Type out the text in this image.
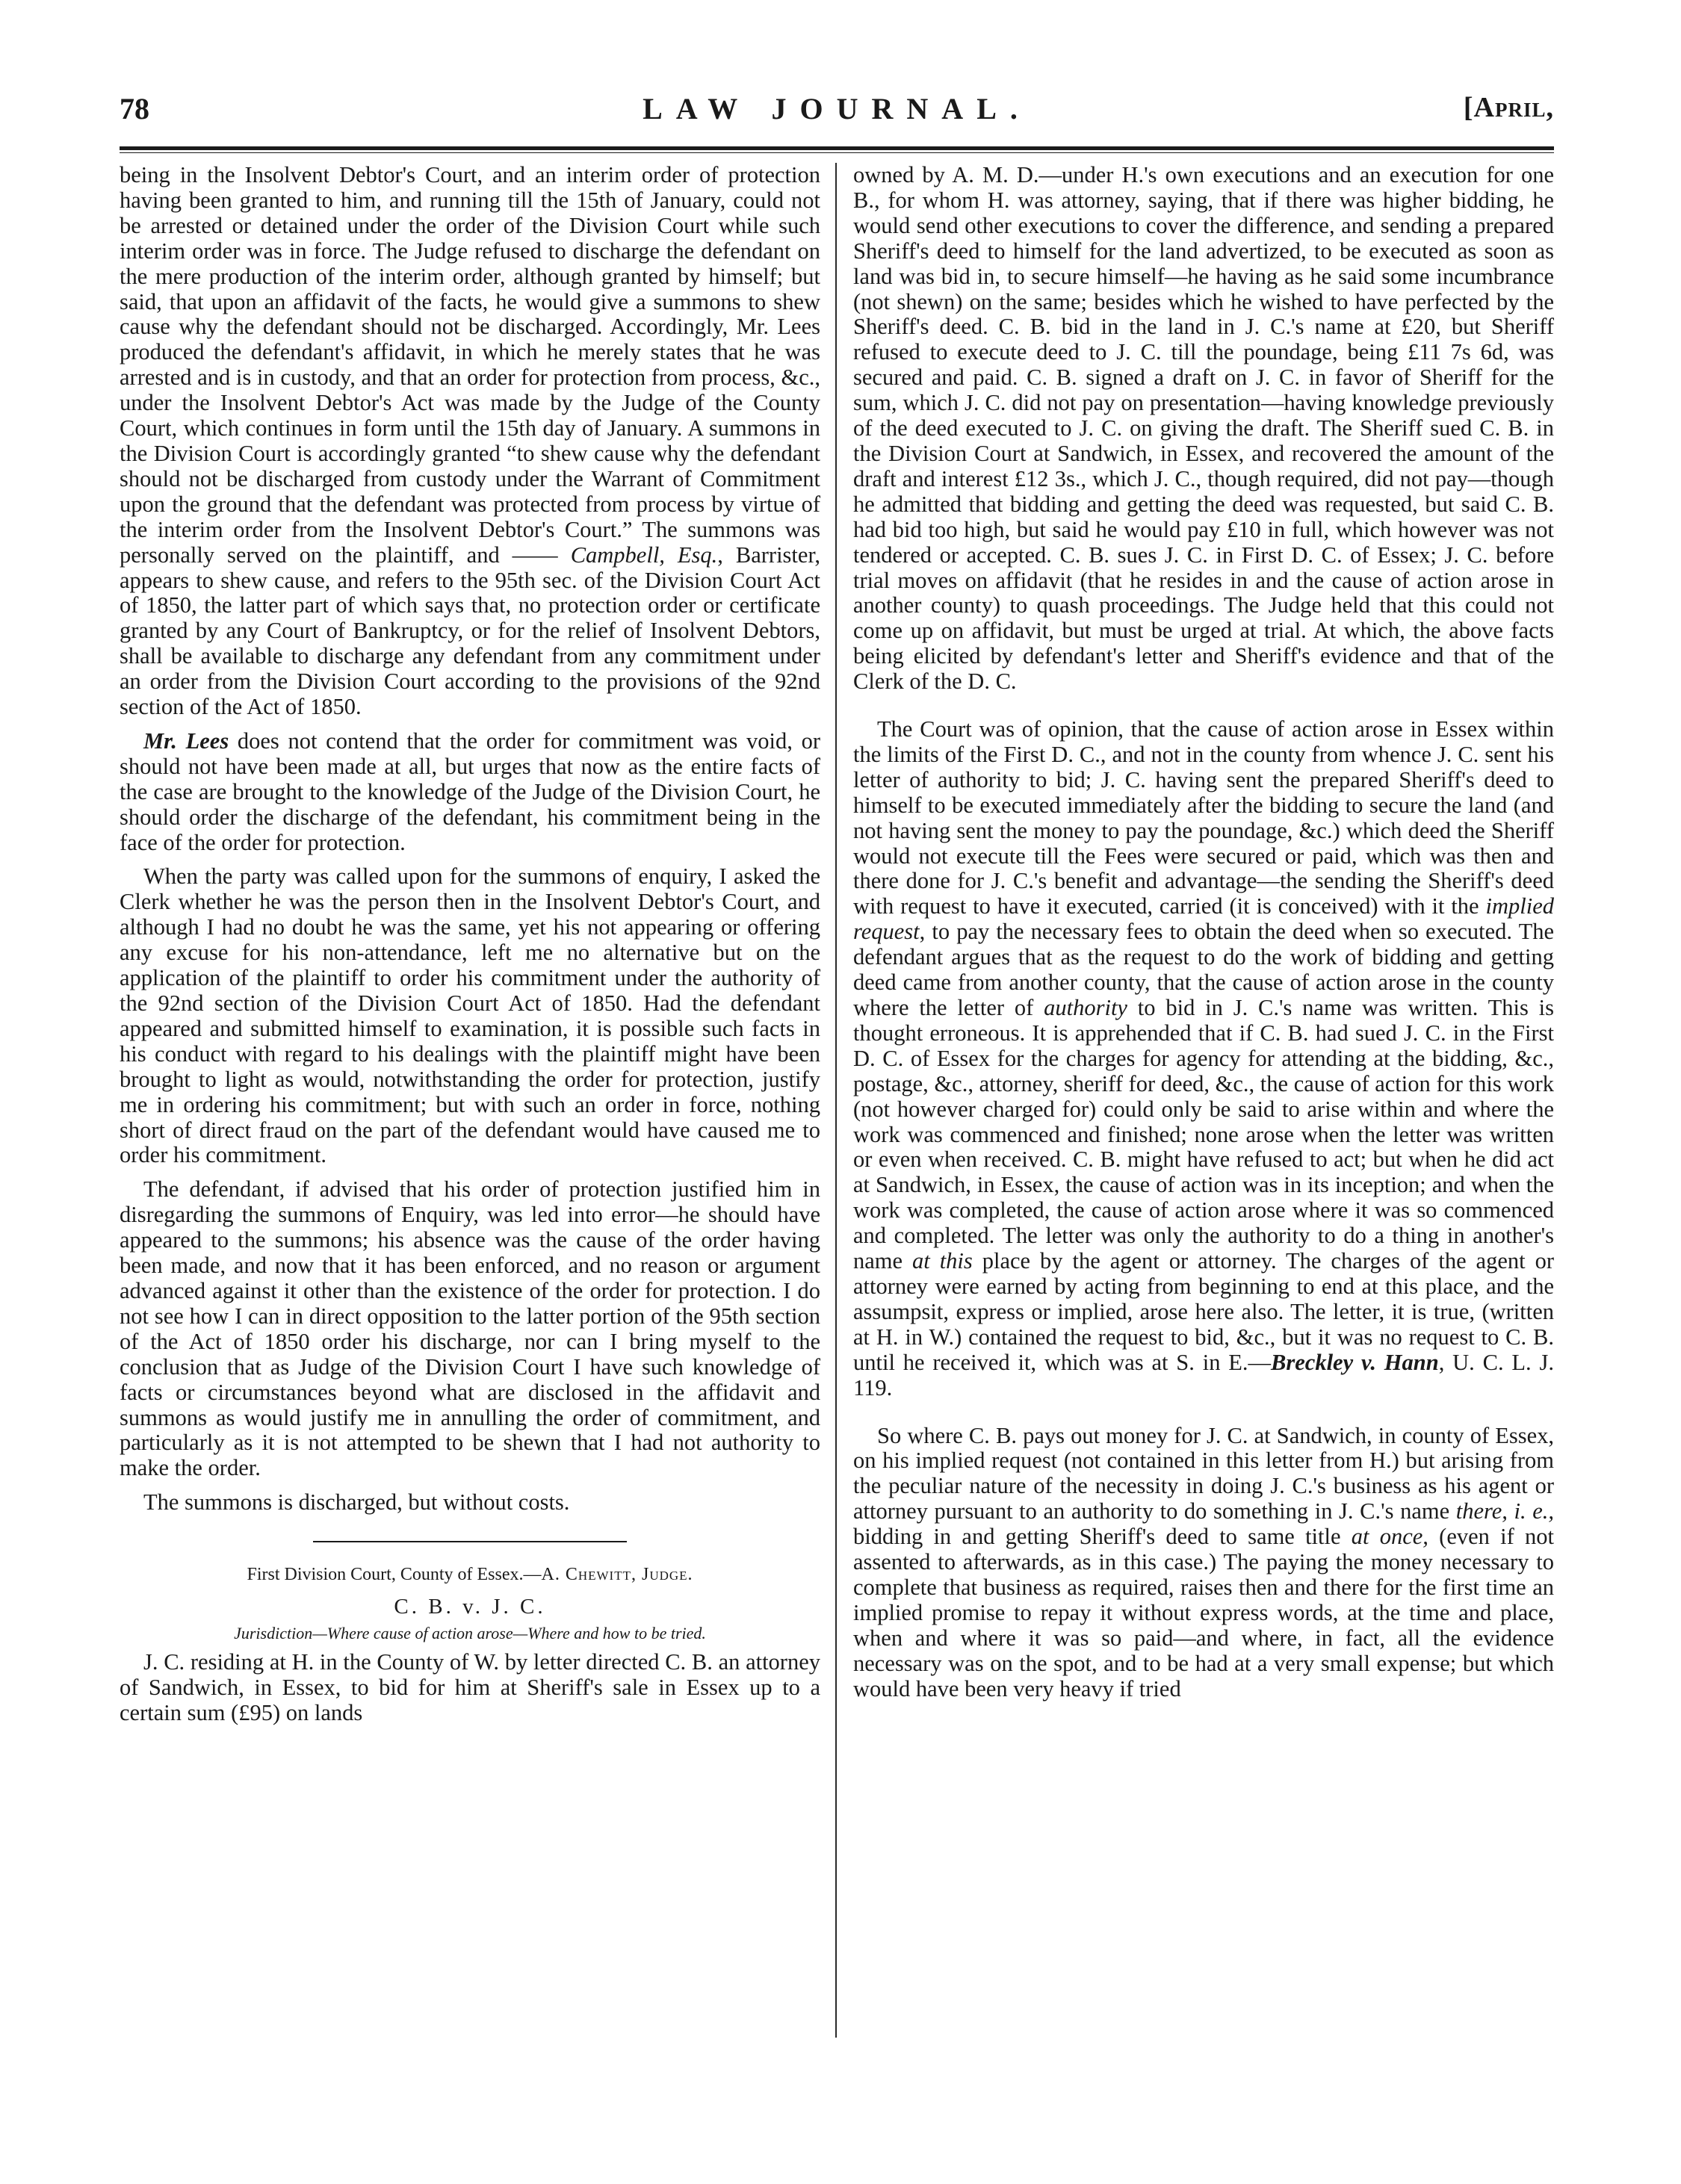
78	LAW JOURNAL.	[April,

being in the Insolvent Debtor's Court, and an interim order of protection having been granted to him, and running till the 15th of January, could not be arrested or detained under the order of the Division Court while such interim order was in force. The Judge refused to discharge the defendant on the mere production of the interim order, although granted by himself; but said, that upon an affidavit of the facts, he would give a summons to shew cause why the defendant should not be discharged. Accordingly, Mr. Lees produced the defendant's affidavit, in which he merely states that he was arrested and is in custody, and that an order for protection from process, &c., under the Insolvent Debtor's Act was made by the Judge of the County Court, which continues in form until the 15th day of January. A summons in the Division Court is accordingly granted “to shew cause why the defendant should not be discharged from custody under the Warrant of Commitment upon the ground that the defendant was protected from process by virtue of the interim order from the Insolvent Debtor's Court.” The summons was personally served on the plaintiff, and —— Campbell, Esq., Barrister, appears to shew cause, and refers to the 95th sec. of the Division Court Act of 1850, the latter part of which says that, no protection order or certificate granted by any Court of Bankruptcy, or for the relief of Insolvent Debtors, shall be available to discharge any defendant from any commitment under an order from the Division Court according to the provisions of the 92nd section of the Act of 1850.

Mr. Lees does not contend that the order for commitment was void, or should not have been made at all, but urges that now as the entire facts of the case are brought to the knowledge of the Judge of the Division Court, he should order the discharge of the defendant, his commitment being in the face of the order for protection.

When the party was called upon for the summons of enquiry, I asked the Clerk whether he was the person then in the Insolvent Debtor's Court, and although I had no doubt he was the same, yet his not appearing or offering any excuse for his non-attendance, left me no alternative but on the application of the plaintiff to order his commitment under the authority of the 92nd section of the Division Court Act of 1850. Had the defendant appeared and submitted himself to examination, it is possible such facts in his conduct with regard to his dealings with the plaintiff might have been brought to light as would, notwithstanding the order for protection, justify me in ordering his commitment; but with such an order in force, nothing short of direct fraud on the part of the defendant would have caused me to order his commitment.

The defendant, if advised that his order of protection justified him in disregarding the summons of Enquiry, was led into error—he should have appeared to the summons; his absence was the cause of the order having been made, and now that it has been enforced, and no reason or argument advanced against it other than the existence of the order for protection. I do not see how I can in direct opposition to the latter portion of the 95th section of the Act of 1850 order his discharge, nor can I bring myself to the conclusion that as Judge of the Division Court I have such knowledge of facts or circumstances beyond what are disclosed in the affidavit and summons as would justify me in annulling the order of commitment, and particularly as it is not attempted to be shewn that I had not authority to make the order.

The summons is discharged, but without costs.

First Division Court, County of Essex.—A. Chewitt, Judge.
C. B. v. J. C.
Jurisdiction—Where cause of action arose—Where and how to be tried.

J. C. residing at H. in the County of W. by letter directed C. B. an attorney of Sandwich, in Essex, to bid for him at Sheriff's sale in Essex up to a certain sum (£95) on lands

owned by A. M. D.—under H.'s own executions and an execution for one B., for whom H. was attorney, saying, that if there was higher bidding, he would send other executions to cover the difference, and sending a prepared Sheriff's deed to himself for the land advertized, to be executed as soon as land was bid in, to secure himself—he having as he said some incumbrance (not shewn) on the same; besides which he wished to have perfected by the Sheriff's deed. C. B. bid in the land in J. C.'s name at £20, but Sheriff refused to execute deed to J. C. till the poundage, being £11 7s 6d, was secured and paid. C. B. signed a draft on J. C. in favor of Sheriff for the sum, which J. C. did not pay on presentation—having knowledge previously of the deed executed to J. C. on giving the draft. The Sheriff sued C. B. in the Division Court at Sandwich, in Essex, and recovered the amount of the draft and interest £12 3s., which J. C., though required, did not pay—though he admitted that bidding and getting the deed was requested, but said C. B. had bid too high, but said he would pay £10 in full, which however was not tendered or accepted. C. B. sues J. C. in First D. C. of Essex; J. C. before trial moves on affidavit (that he resides in and the cause of action arose in another county) to quash proceedings. The Judge held that this could not come up on affidavit, but must be urged at trial. At which, the above facts being elicited by defendant's letter and Sheriff's evidence and that of the Clerk of the D. C.

The Court was of opinion, that the cause of action arose in Essex within the limits of the First D. C., and not in the county from whence J. C. sent his letter of authority to bid; J. C. having sent the prepared Sheriff's deed to himself to be executed immediately after the bidding to secure the land (and not having sent the money to pay the poundage, &c.) which deed the Sheriff would not execute till the Fees were secured or paid, which was then and there done for J. C.'s benefit and advantage—the sending the Sheriff's deed with request to have it executed, carried (it is conceived) with it the implied request, to pay the necessary fees to obtain the deed when so executed. The defendant argues that as the request to do the work of bidding and getting deed came from another county, that the cause of action arose in the county where the letter of authority to bid in J. C.'s name was written. This is thought erroneous. It is apprehended that if C. B. had sued J. C. in the First D. C. of Essex for the charges for agency for attending at the bidding, &c., postage, &c., attorney, sheriff for deed, &c., the cause of action for this work (not however charged for) could only be said to arise within and where the work was commenced and finished; none arose when the letter was written or even when received. C. B. might have refused to act; but when he did act at Sandwich, in Essex, the cause of action was in its inception; and when the work was completed, the cause of action arose where it was so commenced and completed. The letter was only the authority to do a thing in another's name at this place by the agent or attorney. The charges of the agent or attorney were earned by acting from beginning to end at this place, and the assumpsit, express or implied, arose here also. The letter, it is true, (written at H. in W.) contained the request to bid, &c., but it was no request to C. B. until he received it, which was at S. in E.—Breckley v. Hann, U. C. L. J. 119.

So where C. B. pays out money for J. C. at Sandwich, in county of Essex, on his implied request (not contained in this letter from H.) but arising from the peculiar nature of the necessity in doing J. C.'s business as his agent or attorney pursuant to an authority to do something in J. C.'s name there, i. e., bidding in and getting Sheriff's deed to same title at once, (even if not assented to afterwards, as in this case.) The paying the money necessary to complete that business as required, raises then and there for the first time an implied promise to repay it without express words, at the time and place, when and where it was so paid—and where, in fact, all the evidence necessary was on the spot, and to be had at a very small expense; but which would have been very heavy if tried
